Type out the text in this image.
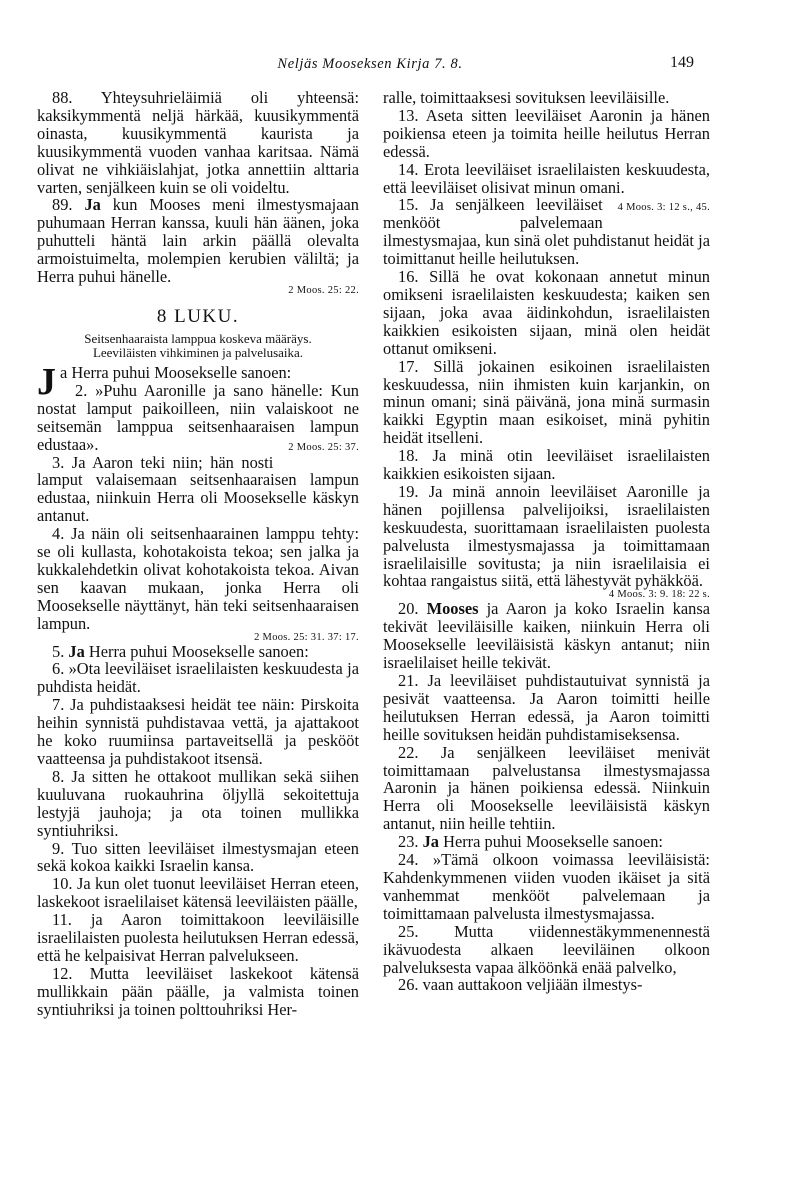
Neljäs Mooseksen Kirja 7. 8.	149

88. Yhteysuhrieläimiä oli yhteensä: kaksikymmentä neljä härkää, kuusikymmentä oinasta, kuusikymmentä kaurista ja kuusikymmentä vuoden vanhaa karitsaa. Nämä olivat ne vihkiäislahjat, jotka annettiin alttaria varten, senjälkeen kuin se oli voideltu.

89. Ja kun Mooses meni ilmestysmajaan puhumaan Herran kanssa, kuuli hän äänen, joka puhutteli häntä lain arkin päällä olevalta armoistuimelta, molempien kerubien väliltä; ja Herra puhui hänelle.

2 Moos. 25: 22.
8 LUKU.
Seitsenhaaraista lamppua koskeva määräys.
Leeviläisten vihkiminen ja palvelusaika.

Ja Herra puhui Moosekselle sanoen:

2. »Puhu Aaronille ja sano hänelle: Kun nostat lamput paikoilleen, niin valaiskoot ne seitsemän lamppua seitsenhaaraisen lampun edustaa».	2 Moos. 25: 37.

3. Ja Aaron teki niin; hän nosti lamput valaisemaan seitsenhaaraisen lampun edustaa, niinkuin Herra oli Moosekselle käskyn antanut.

4. Ja näin oli seitsenhaarainen lamppu tehty: se oli kullasta, kohotakoista tekoa; sen jalka ja kukkalehdetkin olivat kohotakoista tekoa. Aivan sen kaavan mukaan, jonka Herra oli Moosekselle näyttänyt, hän teki seitsenhaaraisen lampun.

2 Moos. 25: 31. 37: 17.

5. Ja Herra puhui Moosekselle sanoen:

6. »Ota leeviläiset israelilaisten keskuudesta ja puhdista heidät.

7. Ja puhdistaaksesi heidät tee näin: Pirskoita heihin synnistä puhdistavaa vettä, ja ajattakoot he koko ruumiinsa partaveitsellä ja peskööt vaatteensa ja puhdistakoot itsensä.

8. Ja sitten he ottakoot mullikan sekä siihen kuuluvana ruokauhrina öljyllä sekoitettuja lestyjä jauhoja; ja ota toinen mullikka syntiuhriksi.

9. Tuo sitten leeviläiset ilmestysmajan eteen sekä kokoa kaikki Israelin kansa.

10. Ja kun olet tuonut leeviläiset Herran eteen, laskekoot israelilaiset kätensä leeviläisten päälle,

11. ja Aaron toimittakoon leeviläisille israelilaisten puolesta heilutuksen Herran edessä, että he kelpaisivat Herran palvelukseen.

12. Mutta leeviläiset laskekoot kätensä mullikkain pään päälle, ja valmista toinen syntiuhriksi ja toinen polttouhriksi Her-

ralle, toimittaaksesi sovituksen leeviläisille.

13. Aseta sitten leeviläiset Aaronin ja hänen poikiensa eteen ja toimita heille heilutus Herran edessä.

14. Erota leeviläiset israelilaisten keskuudesta, että leeviläiset olisivat minun omani.
4 Moos. 3: 12 s., 45.

15. Ja senjälkeen leeviläiset menkööt palvelemaan ilmestysmajaa, kun sinä olet puhdistanut heidät ja toimittanut heille heilutuksen.

16. Sillä he ovat kokonaan annetut minun omikseni israelilaisten keskuudesta; kaiken sen sijaan, joka avaa äidinkohdun, israelilaisten kaikkien esikoisten sijaan, minä olen heidät ottanut omikseni.

17. Sillä jokainen esikoinen israelilaisten keskuudessa, niin ihmisten kuin karjankin, on minun omani; sinä päivänä, jona minä surmasin kaikki Egyptin maan esikoiset, minä pyhitin heidät itselleni.

18. Ja minä otin leeviläiset israelilaisten kaikkien esikoisten sijaan.

19. Ja minä annoin leeviläiset Aaronille ja hänen pojillensa palvelijoiksi, israelilaisten keskuudesta, suorittamaan israelilaisten puolesta palvelusta ilmestysmajassa ja toimittamaan israelilaisille sovitusta; ja niin israelilaisia ei kohtaa rangaistus siitä, että lähestyvät pyhäkköä.

4 Moos. 3: 9. 18: 22 s.

20. Mooses ja Aaron ja koko Israelin kansa tekivät leeviläisille kaiken, niinkuin Herra oli Moosekselle leeviläisistä käskyn antanut; niin israelilaiset heille tekivät.

21. Ja leeviläiset puhdistautuivat synnistä ja pesivät vaatteensa. Ja Aaron toimitti heille heilutuksen Herran edessä, ja Aaron toimitti heille sovituksen heidän puhdistamiseksensa.

22. Ja senjälkeen leeviläiset menivät toimittamaan palvelustansa ilmestysmajassa Aaronin ja hänen poikiensa edessä. Niinkuin Herra oli Moosekselle leeviläisistä käskyn antanut, niin heille tehtiin.

23. Ja Herra puhui Moosekselle sanoen:

24. »Tämä olkoon voimassa leeviläisistä: Kahdenkymmenen viiden vuoden ikäiset ja sitä vanhemmat menkööt palvelemaan ja toimittamaan palvelusta ilmestysmajassa.

25. Mutta viidennestäkymmenennestä ikävuodesta alkaen leeviläinen olkoon palveluksesta vapaa älköönkä enää palvelko,

26. vaan auttakoon veljiään ilmestys-
